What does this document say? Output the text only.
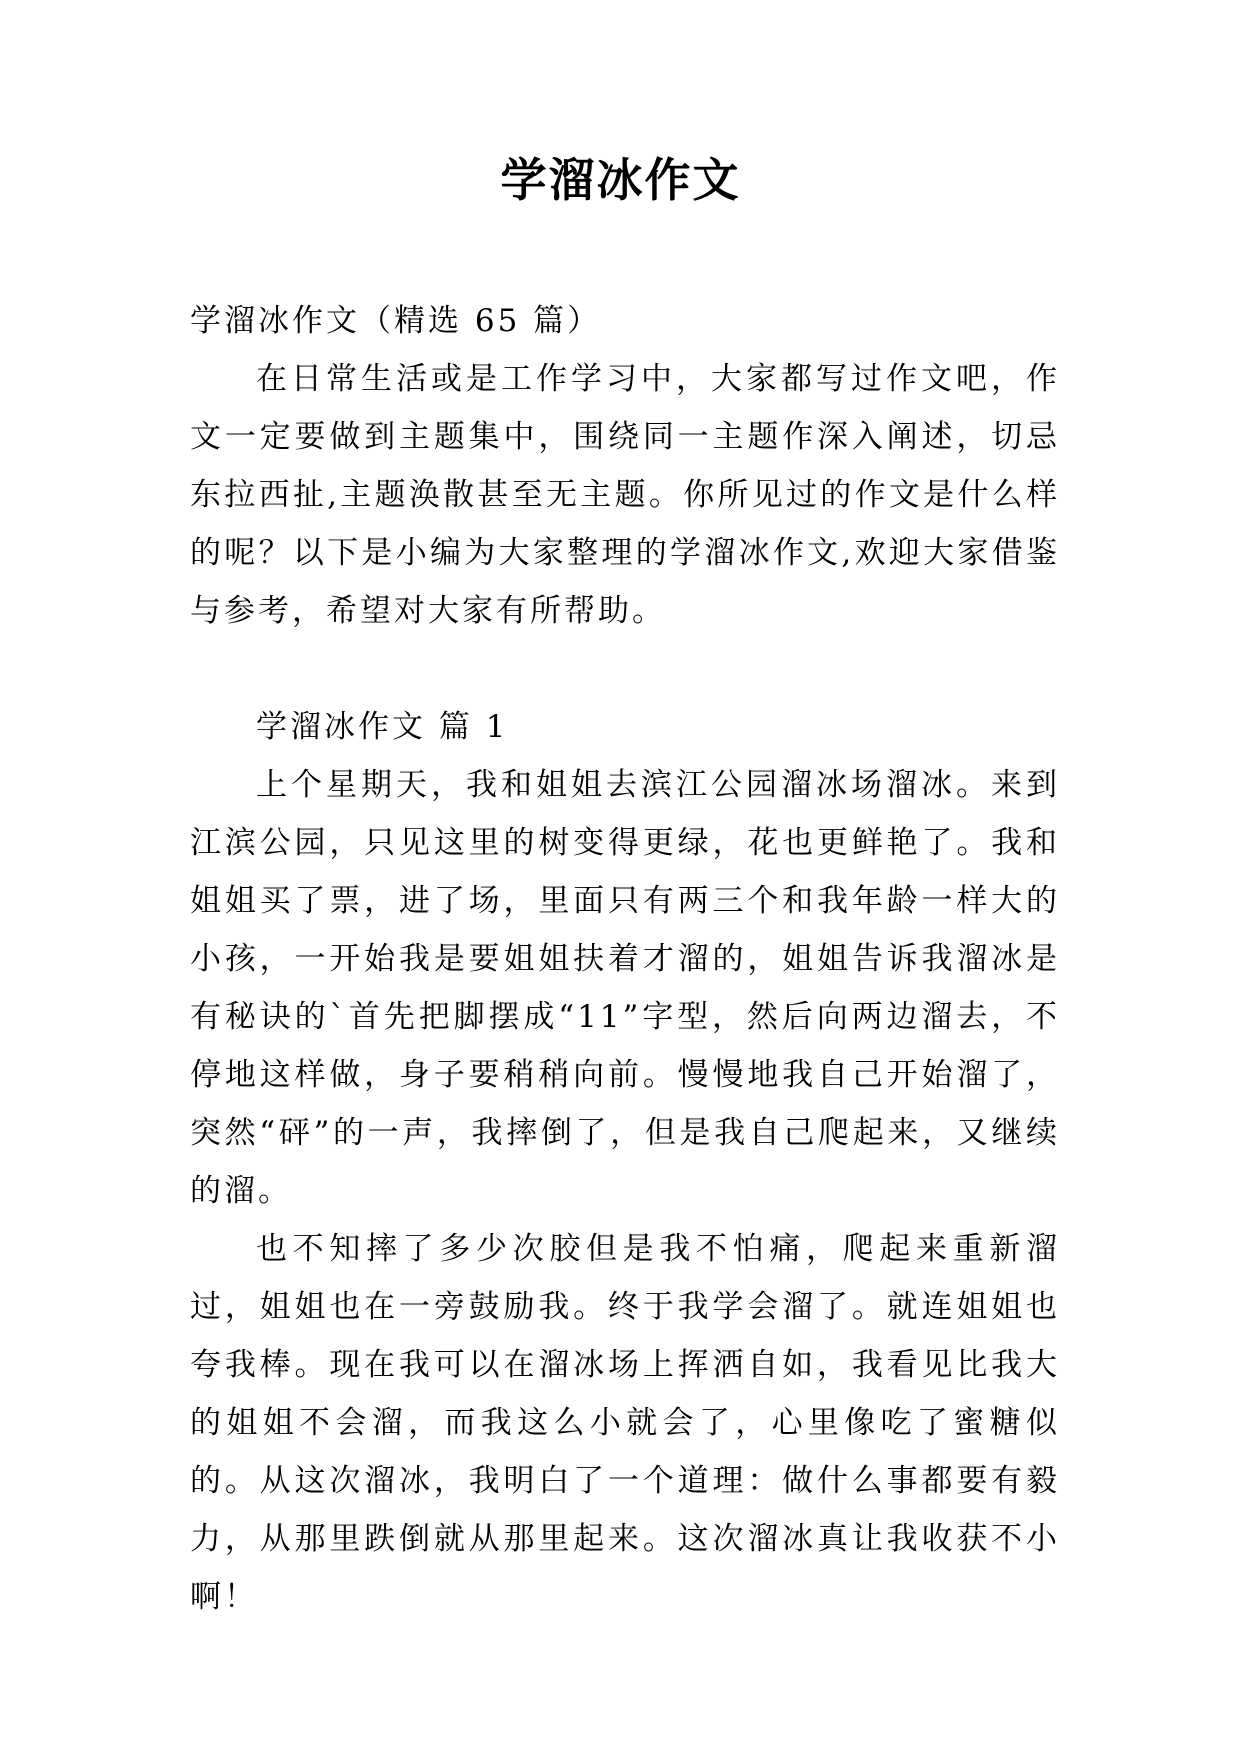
学溜冰作文

学溜冰作文（精选 65 篇）

在日常生活或是工作学习中，大家都写过作文吧，作文一定要做到主题集中，围绕同一主题作深入阐述，切忌东拉西扯,主题涣散甚至无主题。你所见过的作文是什么样的呢？以下是小编为大家整理的学溜冰作文,欢迎大家借鉴与参考，希望对大家有所帮助。

学溜冰作文 篇 1

上个星期天，我和姐姐去滨江公园溜冰场溜冰。来到江滨公园，只见这里的树变得更绿，花也更鲜艳了。我和姐姐买了票，进了场，里面只有两三个和我年龄一样大的小孩，一开始我是要姐姐扶着才溜的，姐姐告诉我溜冰是有秘诀的`首先把脚摆成“11”字型，然后向两边溜去，不停地这样做，身子要稍稍向前。慢慢地我自己开始溜了，突然“砰”的一声，我摔倒了，但是我自己爬起来，又继续的溜。

也不知摔了多少次胶但是我不怕痛，爬起来重新溜过，姐姐也在一旁鼓励我。终于我学会溜了。就连姐姐也夸我棒。现在我可以在溜冰场上挥洒自如，我看见比我大的姐姐不会溜，而我这么小就会了，心里像吃了蜜糖似的。从这次溜冰，我明白了一个道理：做什么事都要有毅力，从那里跌倒就从那里起来。这次溜冰真让我收获不小啊！
